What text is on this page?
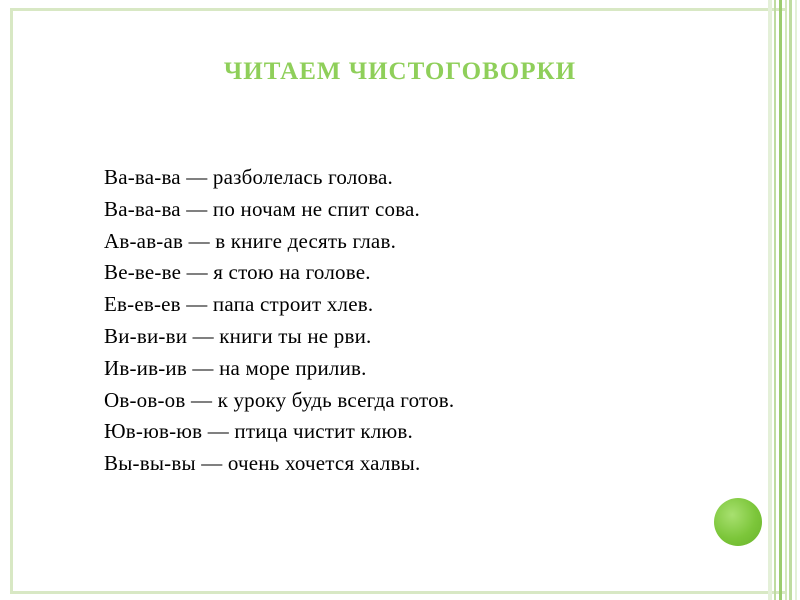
ЧИТАЕМ ЧИСТОГОВОРКИ
Ва-ва-ва — разболелась голова.
Ва-ва-ва — по ночам не спит сова.
Ав-ав-ав — в книге десять глав.
Ве-ве-ве — я стою на голове.
Ев-ев-ев — папа строит хлев.
Ви-ви-ви — книги ты не рви.
Ив-ив-ив — на море прилив.
Ов-ов-ов — к уроку будь всегда готов.
Юв-юв-юв — птица чистит клюв.
Вы-вы-вы — очень хочется халвы.
